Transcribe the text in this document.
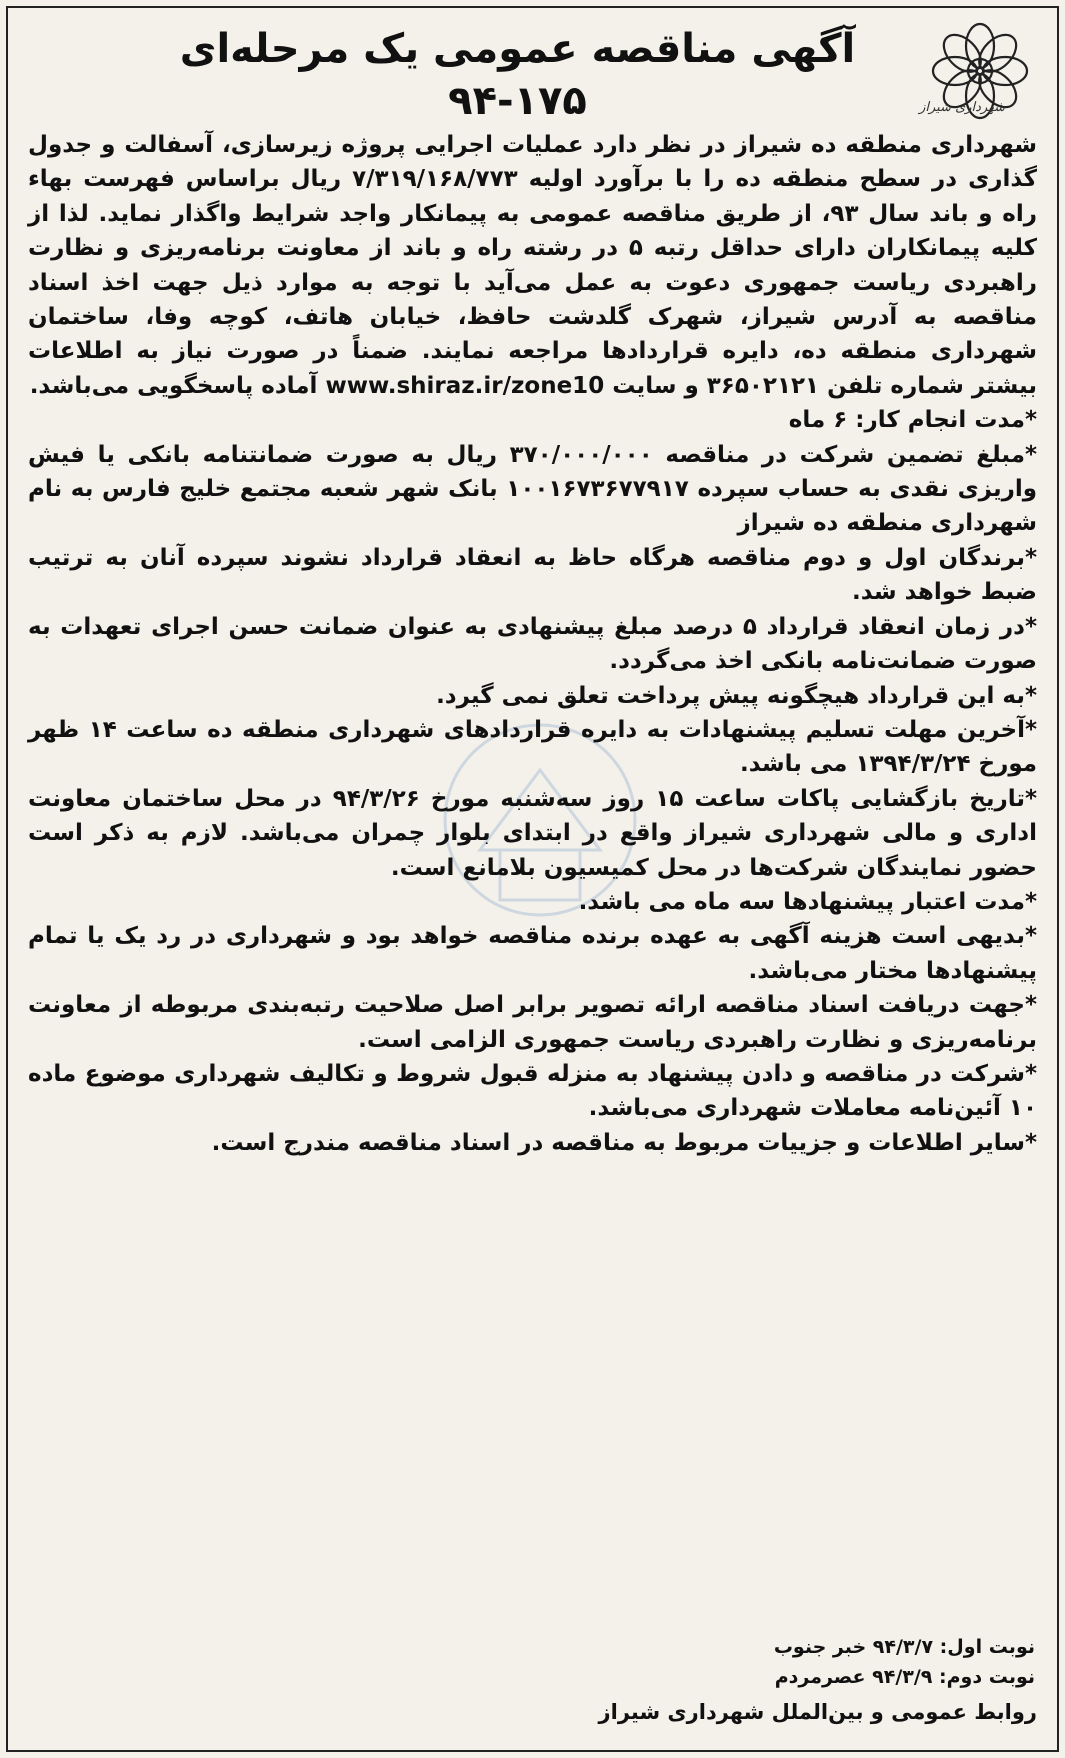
شهرداری شیراز
آگهی مناقصه عمومی یک مرحله‌ای
۹۴-۱۷۵

شهرداری منطقه ده شیراز در نظر دارد عملیات اجرایی پروژه زیرسازی، آسفالت و جدول گذاری در سطح منطقه ده را با برآورد اولیه ۷/۳۱۹/۱۶۸/۷۷۳ ریال براساس فهرست بهاء راه و باند سال ۹۳، از طریق مناقصه عمومی به پیمانکار واجد شرایط واگذار نماید. لذا از کلیه پیمانکاران دارای حداقل رتبه ۵ در رشته راه و باند از معاونت برنامه‌ریزی و نظارت راهبردی ریاست جمهوری دعوت به عمل می‌آید با توجه به موارد ذیل جهت اخذ اسناد مناقصه به آدرس شیراز، شهرک گلدشت حافظ، خیابان هاتف، کوچه وفا، ساختمان شهرداری منطقه ده، دایره قراردادها مراجعه نمایند. ضمناً در صورت نیاز به اطلاعات بیشتر شماره تلفن ۳۶۵۰۲۱۲۱ و سایت www.shiraz.ir/zone10 آماده پاسخگویی می‌باشد.

*مدت انجام کار: ۶ ماه

*مبلغ تضمین شرکت در مناقصه ۳۷۰/۰۰۰/۰۰۰ ریال به صورت ضمانتنامه بانکی یا فیش واریزی نقدی به حساب سپرده ۱۰۰۱۶۷۳۶۷۷۹۱۷ بانک شهر شعبه مجتمع خلیج فارس به نام شهرداری منطقه ده شیراز

*برندگان اول و دوم مناقصه هرگاه حاظ به انعقاد قرارداد نشوند سپرده آنان به ترتیب ضبط خواهد شد.

*در زمان انعقاد قرارداد ۵ درصد مبلغ پیشنهادی به عنوان ضمانت حسن اجرای تعهدات به صورت ضمانت‌نامه بانکی اخذ می‌گردد.

*به این قرارداد هیچگونه پیش پرداخت تعلق نمی گیرد.

*آخرین مهلت تسلیم پیشنهادات به دایره قراردادهای شهرداری منطقه ده ساعت ۱۴ ظهر مورخ ۱۳۹۴/۳/۲۴ می باشد.

*تاریخ بازگشایی پاکات ساعت ۱۵ روز سه‌شنبه مورخ ۹۴/۳/۲۶ در محل ساختمان معاونت اداری و مالی شهرداری شیراز واقع در ابتدای بلوار چمران می‌باشد. لازم به ذکر است حضور نمایندگان شرکت‌ها در محل کمیسیون بلامانع است.

*مدت اعتبار پیشنهادها سه ماه می باشد.

*بدیهی است هزینه آگهی به عهده برنده مناقصه خواهد بود و شهرداری در رد یک یا تمام پیشنهادها مختار می‌باشد.

*جهت دریافت اسناد مناقصه ارائه تصویر برابر اصل صلاحیت رتبه‌بندی مربوطه از معاونت برنامه‌ریزی و نظارت راهبردی ریاست جمهوری الزامی است.

*شرکت در مناقصه و دادن پیشنهاد به منزله قبول شروط و تکالیف شهرداری موضوع ماده ۱۰ آئین‌نامه معاملات شهرداری می‌باشد.

*سایر اطلاعات و جزییات مربوط به مناقصه در اسناد مناقصه مندرج است.

نوبت اول: ۹۴/۳/۷ خبر جنوب
نوبت دوم: ۹۴/۳/۹ عصرمردم
روابط عمومی و بین‌الملل شهرداری شیراز
